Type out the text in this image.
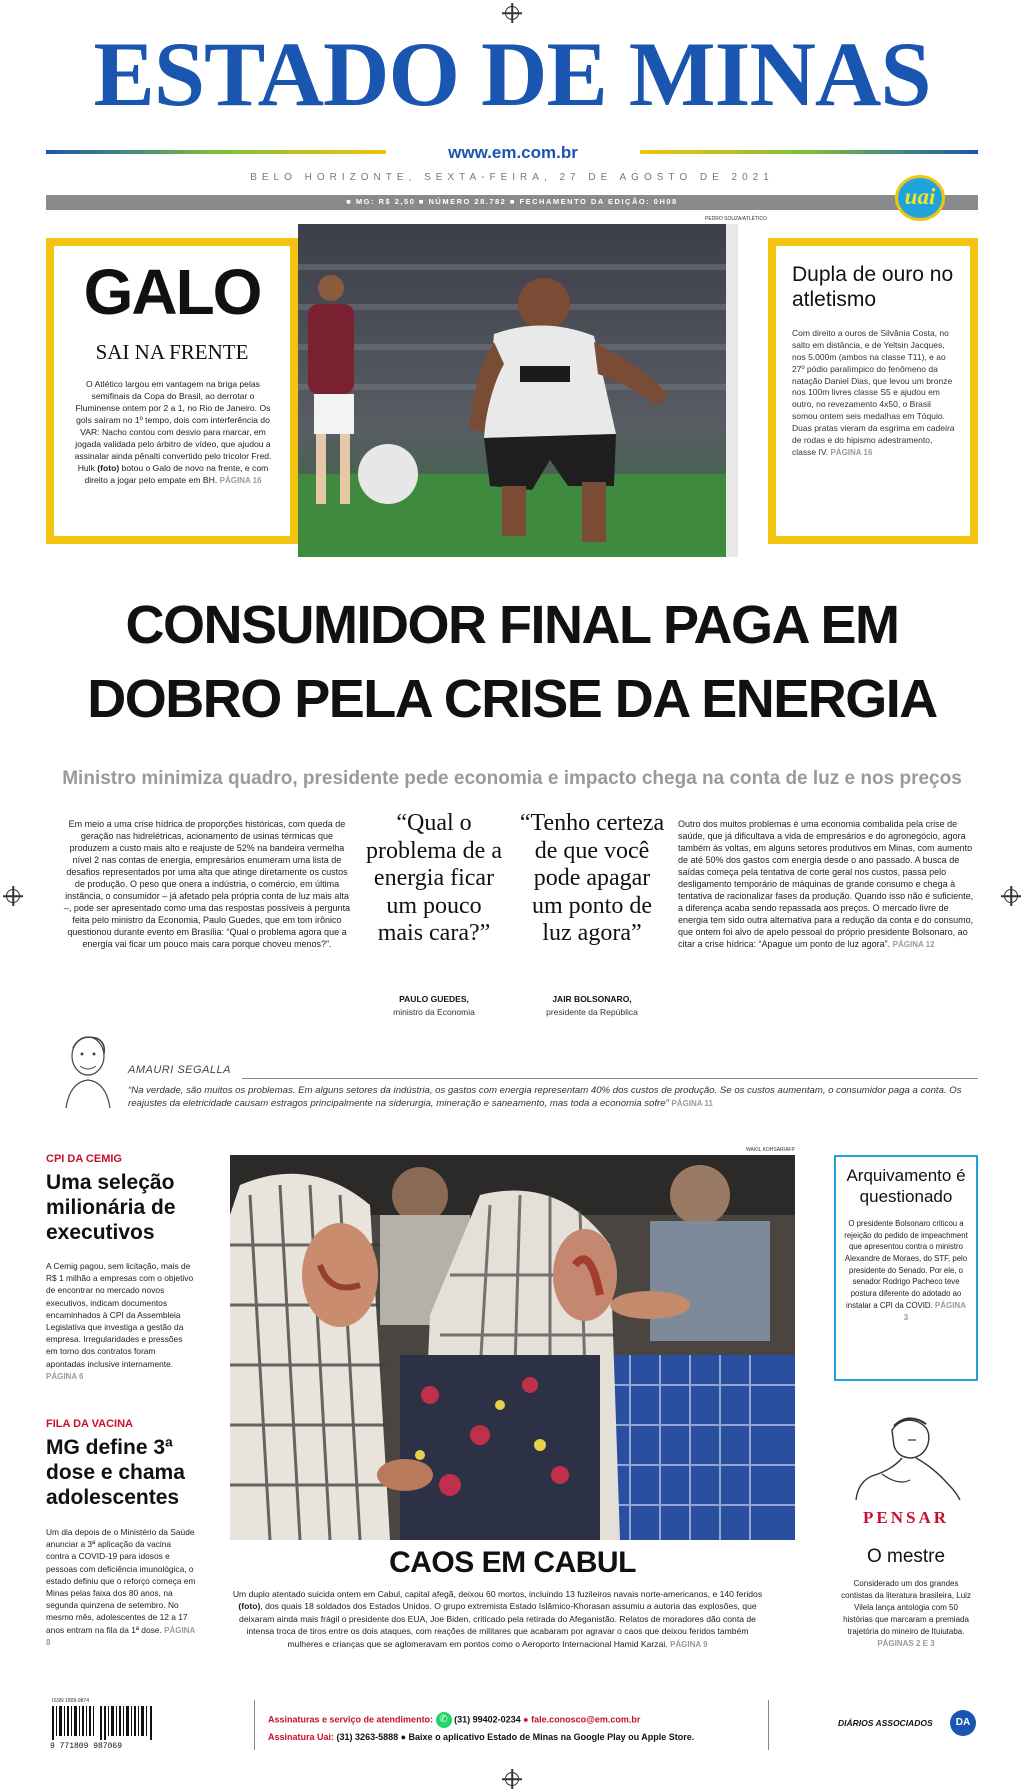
ESTADO DE MINAS
www.em.com.br
BELO HORIZONTE, SEXTA-FEIRA, 27 DE AGOSTO DE 2021
■ MG: R$ 2,50 ■ NÚMERO 28.782 ■ FECHAMENTO DA EDIÇÃO: 0H08	uai
GALO
SAI NA FRENTE
O Atlético largou em vantagem na briga pelas semifinais da Copa do Brasil, ao derrotar o Fluminense ontem por 2 a 1, no Rio de Janeiro. Os gols saíram no 1º tempo, dois com interferência do VAR: Nacho contou com desvio para marcar, em jogada validada pelo árbitro de vídeo, que ajudou a assinalar ainda pênalti convertido pelo tricolor Fred. Hulk (foto) botou o Galo de novo na frente, e com direito a jogar pelo empate em BH. PÁGINA 16
PEDRO SOUZA/ATLÉTICO
Dupla de ouro no atletismo
Com direito a ouros de Silvânia Costa, no salto em distância, e de Yeltsin Jacques, nos 5.000m (ambos na classe T11), e ao 27º pódio paralímpico do fenômeno da natação Daniel Dias, que levou um bronze nos 100m livres classe S5 e ajudou em outro, no revezamento 4x50, o Brasil somou ontem seis medalhas em Tóquio. Duas pratas vieram da esgrima em cadeira de rodas e do hipismo adestramento, classe IV. PÁGINA 16
CONSUMIDOR FINAL PAGA EM
DOBRO PELA CRISE DA ENERGIA
Ministro minimiza quadro, presidente pede economia e impacto chega na conta de luz e nos preços
Em meio a uma crise hídrica de proporções históricas, com queda de geração nas hidrelétricas, acionamento de usinas térmicas que produzem a custo mais alto e reajuste de 52% na bandeira vermelha nível 2 nas contas de energia, empresários enumeram uma lista de desafios representados por uma alta que atinge diretamente os custos de produção. O peso que onera a indústria, o comércio, em última instância, o consumidor – já afetado pela própria conta de luz mais alta –, pode ser apresentado como uma das respostas possíveis à pergunta feita pelo ministro da Economia, Paulo Guedes, que em tom irônico questionou durante evento em Brasília: “Qual o problema agora que a energia vai ficar um pouco mais cara porque choveu menos?”.
“Qual o problema de a energia ficar um pouco mais cara?”
PAULO GUEDES,
ministro da Economia
“Tenho certeza de que você pode apagar um ponto de luz agora”
JAIR BOLSONARO,
presidente da República
Outro dos muitos problemas é uma economia combalida pela crise de saúde, que já dificultava a vida de empresários e do agronegócio, agora também às voltas, em alguns setores produtivos em Minas, com aumento de até 50% dos gastos com energia desde o ano passado. A busca de saídas começa pela tentativa de corte geral nos custos, passa pelo desligamento temporário de máquinas de grande consumo e chega à tentativa de racionalizar fases da produção. Quando isso não é suficiente, a diferença acaba sendo repassada aos preços. O mercado livre de energia tem sido outra alternativa para a redução da conta e do consumo, que ontem foi alvo de apelo pessoal do próprio presidente Bolsonaro, ao citar a crise hídrica: “Apague um ponto de luz agora”. PÁGINA 12
AMAURI SEGALLA
“Na verdade, são muitos os problemas. Em alguns setores da indústria, os gastos com energia representam 40% dos custos de produção. Se os custos aumentam, o consumidor paga a conta. Os reajustes da eletricidade causam estragos principalmente na siderurgia, mineração e saneamento, mas toda a economia sofre” PÁGINA 11
CPI DA CEMIG
Uma seleção milionária de executivos
A Cemig pagou, sem licitação, mais de R$ 1 milhão a empresas com o objetivo de encontrar no mercado novos executivos, indicam documentos encaminhados à CPI da Assembleia Legislativa que investiga a gestão da empresa. Irregularidades e pressões em torno dos contratos foram apontadas inclusive internamente. PÁGINA 6
FILA DA VACINA
MG define 3ª dose e chama adolescentes
Um dia depois de o Ministério da Saúde anunciar a 3ª aplicação da vacina contra a COVID-19 para idosos e pessoas com deficiência imunológica, o estado definiu que o reforço começa em Minas pelas faixa dos 80 anos, na segunda quinzena de setembro. No mesmo mês, adolescentes de 12 a 17 anos entram na fila da 1ª dose. PÁGINA 8
WAKIL KOHSAR/AFP
CAOS EM CABUL
Um duplo atentado suicida ontem em Cabul, capital afegã, deixou 60 mortos, incluindo 13 fuzileiros navais norte-americanos, e 140 feridos (foto), dos quais 18 soldados dos Estados Unidos. O grupo extremista Estado Islâmico-Khorasan assumiu a autoria das explosões, que deixaram ainda mais frágil o presidente dos EUA, Joe Biden, criticado pela retirada do Afeganistão. Relatos de moradores dão conta de intensa troca de tiros entre os dois ataques, com reações de militares que acabaram por agravar o caos que deixou feridos também mulheres e crianças que se aglomeravam em pontos como o Aeroporto Internacional Hamid Karzai. PÁGINA 9
Arquivamento é questionado
O presidente Bolsonaro criticou a rejeição do pedido de impeachment que apresentou contra o ministro Alexandre de Moraes, do STF, pelo presidente do Senado. Por ele, o senador Rodrigo Pacheco teve postura diferente do adotado ao instalar a CPI da COVID. PÁGINA 3
PENSAR
O mestre
Considerado um dos grandes contistas da literatura brasileira, Luiz Vilela lança antologia com 50 histórias que marcaram a premiada trajetória do mineiro de Ituiutaba. PÁGINAS 2 E 3
ISSN 1809-9874
9 771809 987069
Assinaturas e serviço de atendimento: ✆ (31) 99402-0234 ● fale.conosco@em.com.br
Assinatura Uai: (31) 3263-5888 ● Baixe o aplicativo Estado de Minas na Google Play ou Apple Store.
DIÁRIOS ASSOCIADOS	DA
